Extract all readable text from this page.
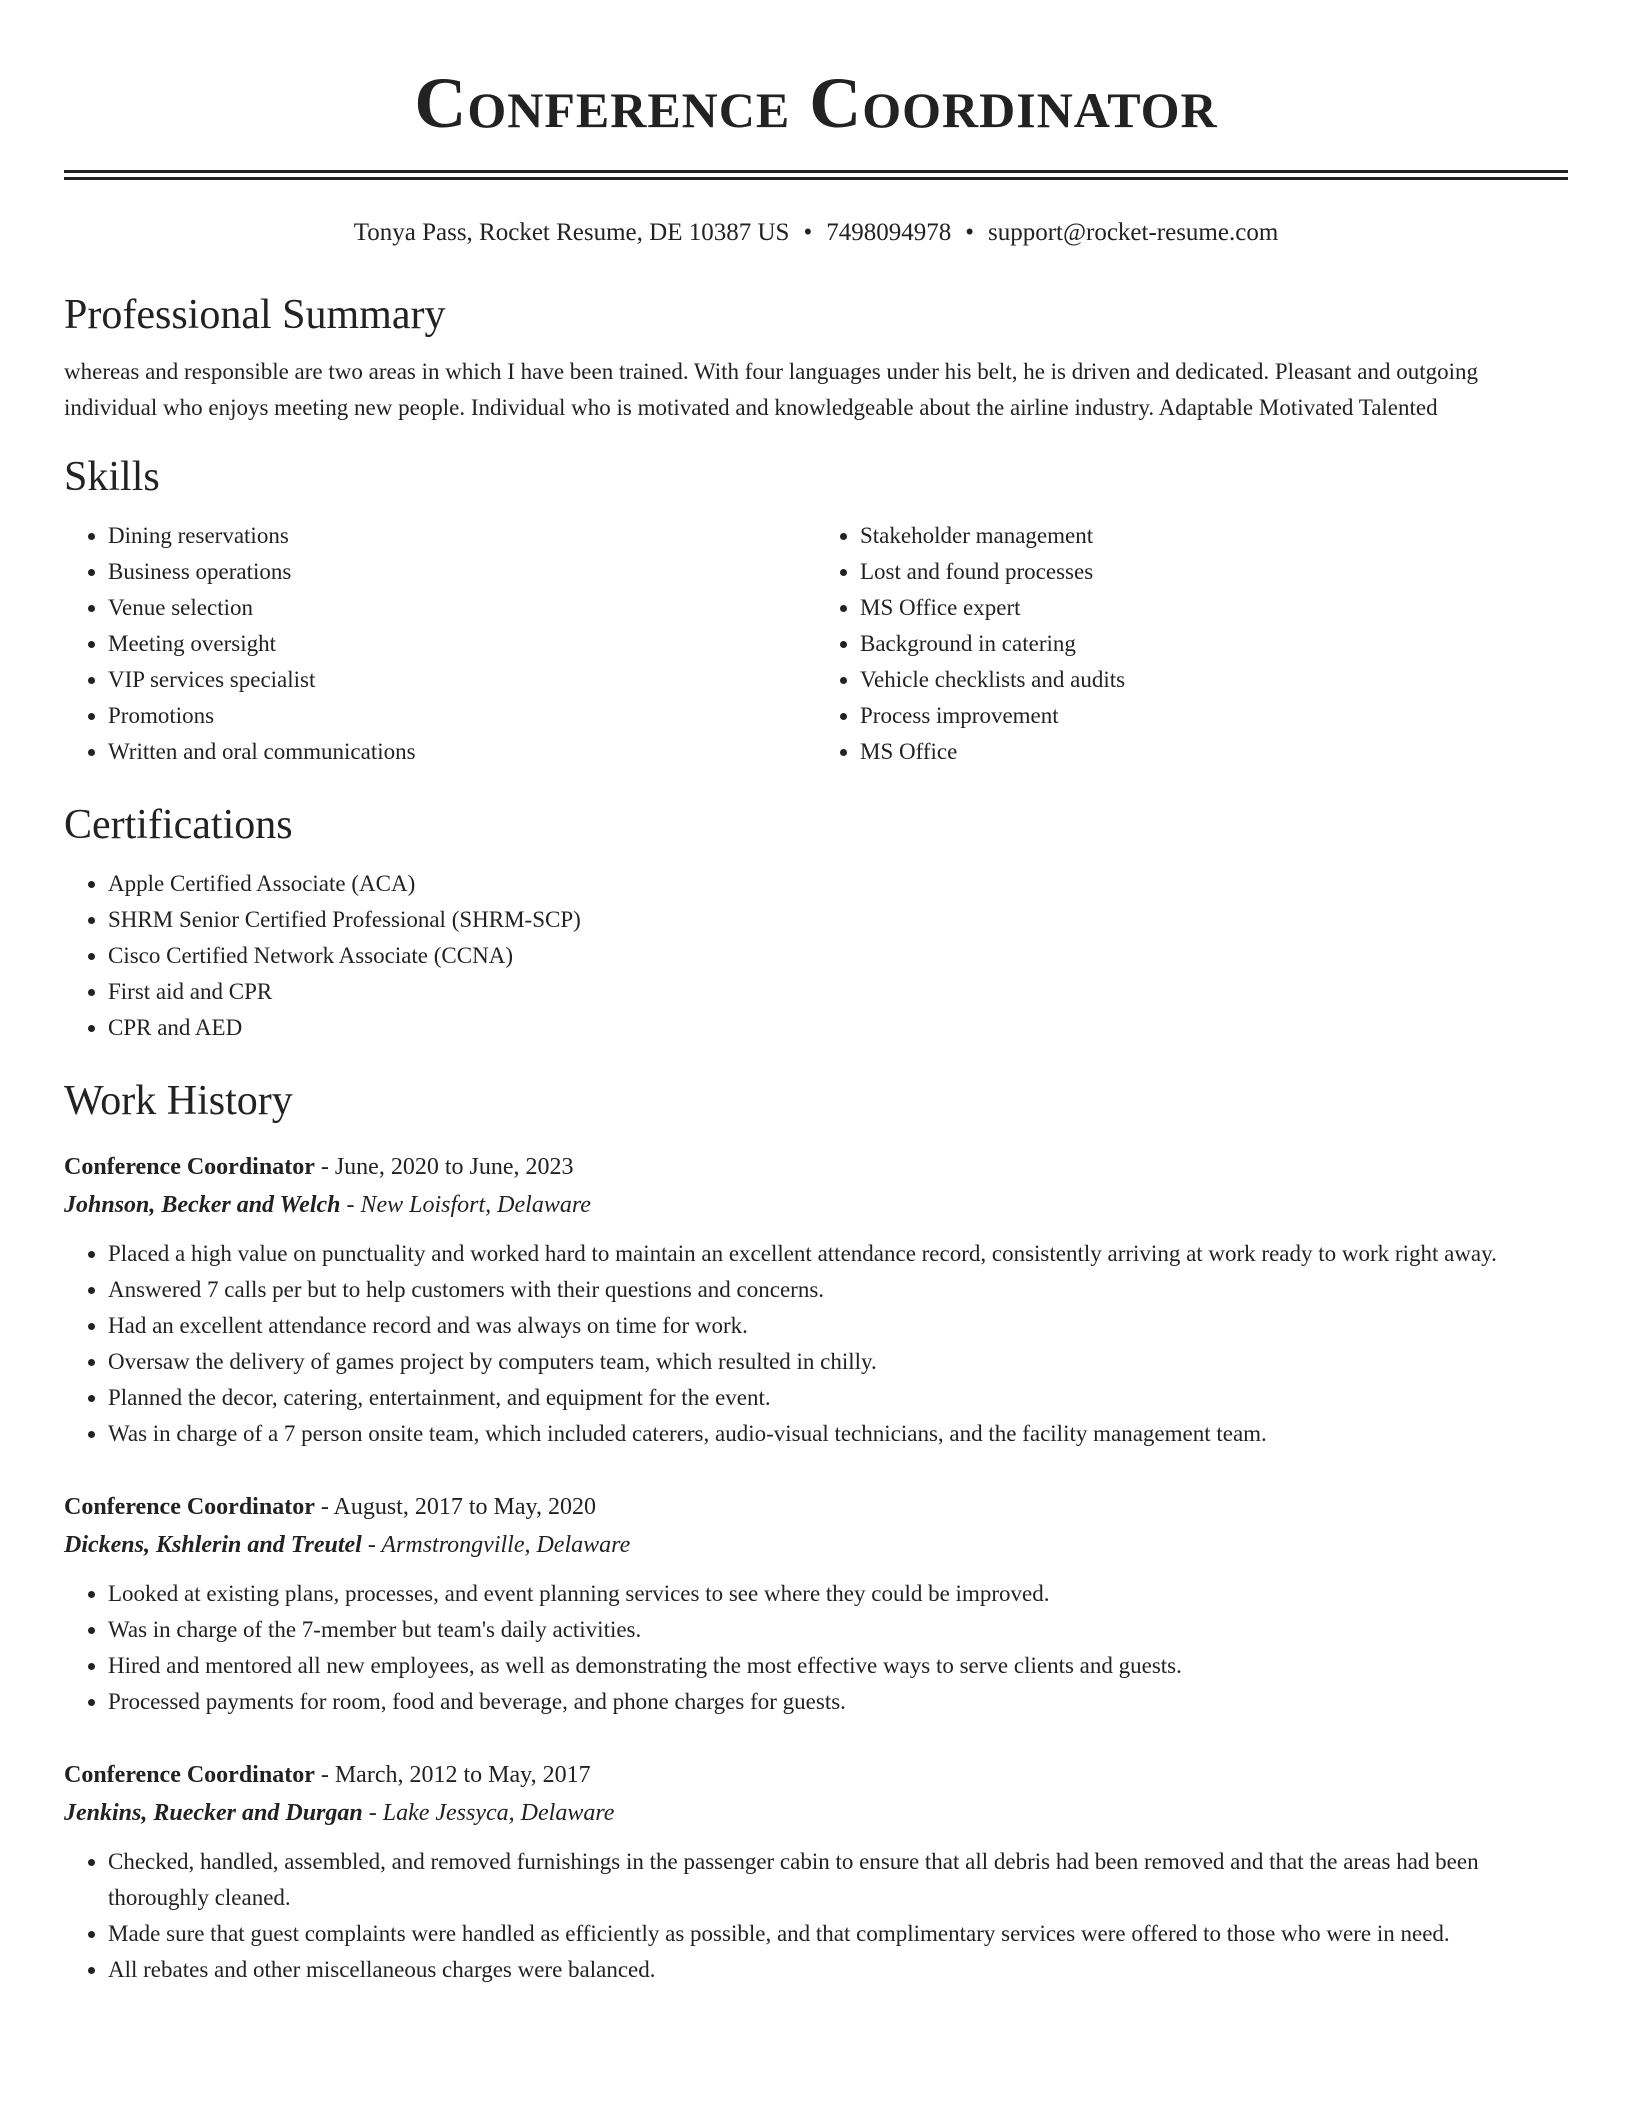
Conference Coordinator
Tonya Pass, Rocket Resume, DE 10387 US • 7498094978 • support@rocket-resume.com
Professional Summary
whereas and responsible are two areas in which I have been trained. With four languages under his belt, he is driven and dedicated. Pleasant and outgoing individual who enjoys meeting new people. Individual who is motivated and knowledgeable about the airline industry. Adaptable Motivated Talented
Skills
• Dining reservations
• Business operations
• Venue selection
• Meeting oversight
• VIP services specialist
• Promotions
• Written and oral communications
• Stakeholder management
• Lost and found processes
• MS Office expert
• Background in catering
• Vehicle checklists and audits
• Process improvement
• MS Office
Certifications
• Apple Certified Associate (ACA)
• SHRM Senior Certified Professional (SHRM-SCP)
• Cisco Certified Network Associate (CCNA)
• First aid and CPR
• CPR and AED
Work History
Conference Coordinator - June, 2020 to June, 2023
Johnson, Becker and Welch - New Loisfort, Delaware
• Placed a high value on punctuality and worked hard to maintain an excellent attendance record, consistently arriving at work ready to work right away.
• Answered 7 calls per but to help customers with their questions and concerns.
• Had an excellent attendance record and was always on time for work.
• Oversaw the delivery of games project by computers team, which resulted in chilly.
• Planned the decor, catering, entertainment, and equipment for the event.
• Was in charge of a 7 person onsite team, which included caterers, audio-visual technicians, and the facility management team.
Conference Coordinator - August, 2017 to May, 2020
Dickens, Kshlerin and Treutel - Armstrongville, Delaware
• Looked at existing plans, processes, and event planning services to see where they could be improved.
• Was in charge of the 7-member but team's daily activities.
• Hired and mentored all new employees, as well as demonstrating the most effective ways to serve clients and guests.
• Processed payments for room, food and beverage, and phone charges for guests.
Conference Coordinator - March, 2012 to May, 2017
Jenkins, Ruecker and Durgan - Lake Jessyca, Delaware
• Checked, handled, assembled, and removed furnishings in the passenger cabin to ensure that all debris had been removed and that the areas had been thoroughly cleaned.
• Made sure that guest complaints were handled as efficiently as possible, and that complimentary services were offered to those who were in need.
• All rebates and other miscellaneous charges were balanced.
